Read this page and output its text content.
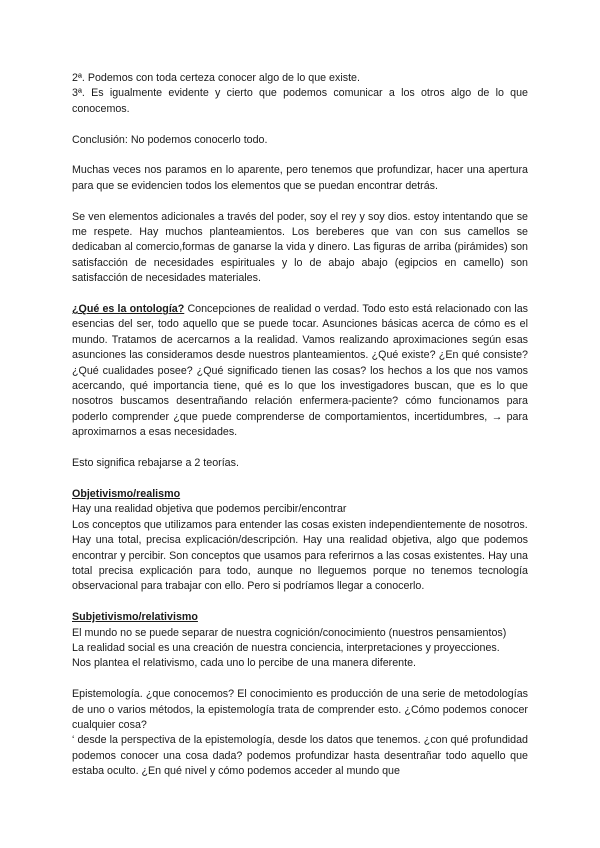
2ª. Podemos con toda certeza conocer algo de lo que existe.

3ª. Es igualmente evidente y cierto que podemos comunicar a los otros algo de lo que conocemos.

Conclusión: No podemos conocerlo todo.

Muchas veces nos paramos en lo aparente, pero tenemos que profundizar, hacer una apertura para que se evidencien todos los elementos que se puedan encontrar detrás.

Se ven elementos adicionales a través del poder, soy el rey y soy dios. estoy intentando que se me respete. Hay muchos planteamientos. Los bereberes que van con sus camellos se dedicaban al comercio,formas de ganarse la vida y dinero. Las figuras de arriba (pirámides) son satisfacción de necesidades espirituales y lo de abajo abajo (egipcios en camello) son satisfacción de necesidades materiales.

¿Qué es la ontología? Concepciones de realidad o verdad. Todo esto está relacionado con las esencias del ser, todo aquello que se puede tocar. Asunciones básicas acerca de cómo es el mundo. Tratamos de acercarnos a la realidad. Vamos realizando aproximaciones según esas asunciones las consideramos desde nuestros planteamientos. ¿Qué existe? ¿En qué consiste? ¿Qué cualidades posee? ¿Qué significado tienen las cosas? los hechos a los que nos vamos acercando, qué importancia tiene, qué es lo que los investigadores buscan, que es lo que nosotros buscamos desentrañando relación enfermera-paciente? cómo funcionamos para poderlo comprender ¿que puede comprenderse de comportamientos, incertidumbres, → para aproximarnos a esas necesidades.

Esto significa rebajarse a 2 teorías.

Objetivismo/realismo

Hay una realidad objetiva que podemos percibir/encontrar

Los conceptos que utilizamos para entender las cosas existen independientemente de nosotros.

Hay una total, precisa explicación/descripción. Hay una realidad objetiva, algo que podemos encontrar y percibir. Son conceptos que usamos para referirnos a las cosas existentes. Hay una total precisa explicación para todo, aunque no lleguemos porque no tenemos tecnología observacional para trabajar con ello. Pero si podríamos llegar a conocerlo.

Subjetivismo/relativismo

El mundo no se puede separar de nuestra cognición/conocimiento (nuestros pensamientos)

La realidad social es una creación de nuestra conciencia, interpretaciones y proyecciones.

Nos plantea el relativismo, cada uno lo percibe de una manera diferente.

Epistemología. ¿que conocemos? El conocimiento es producción de una serie de metodologías de uno o varios métodos, la epistemología trata de comprender esto. ¿Cómo podemos conocer cualquier cosa?

‘ desde la perspectiva de la epistemología, desde los datos que tenemos. ¿con qué profundidad podemos conocer una cosa dada? podemos profundizar hasta desentrañar todo aquello que estaba oculto. ¿En qué nivel y cómo podemos acceder al mundo que
